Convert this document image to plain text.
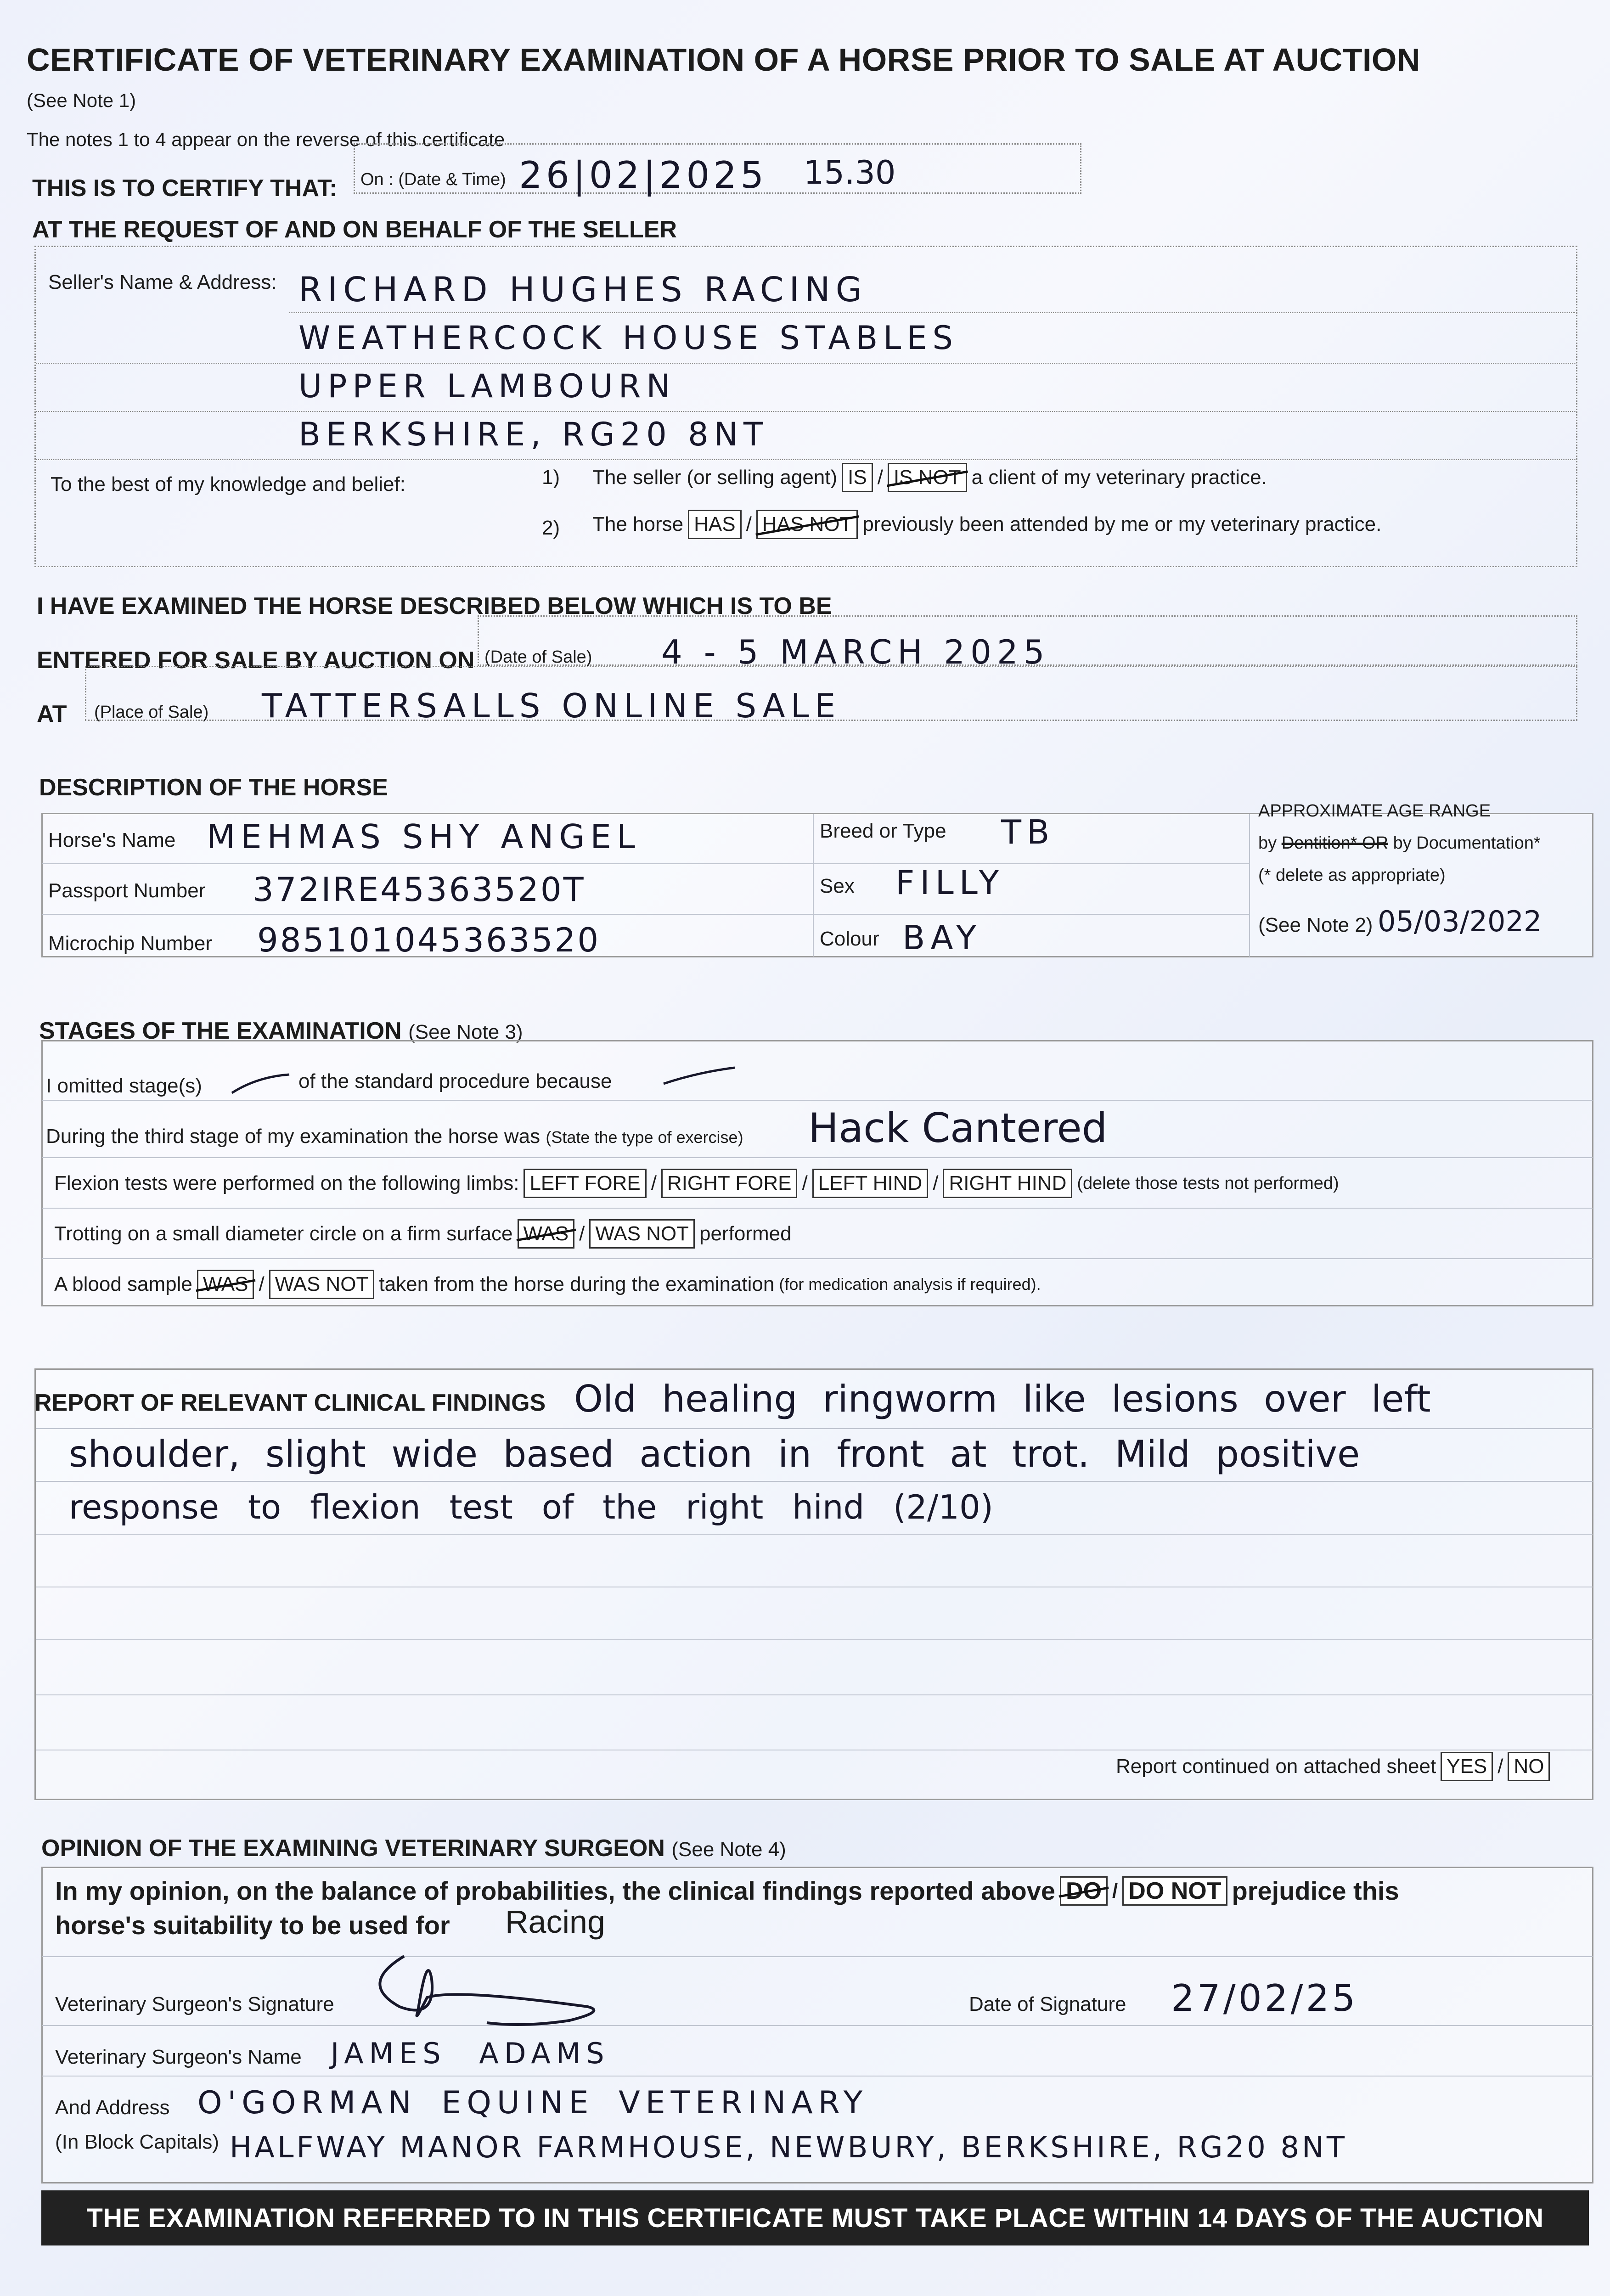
CERTIFICATE OF VETERINARY EXAMINATION OF A HORSE PRIOR TO SALE AT AUCTION
(See Note 1)
The notes 1 to 4 appear on the reverse of this certificate
THIS IS TO CERTIFY THAT: On : (Date & Time) 26|02|2025 15.30
AT THE REQUEST OF AND ON BEHALF OF THE SELLER
Seller's Name & Address: RICHARD HUGHES RACING
WEATHERCOCK HOUSE STABLES
UPPER LAMBOURN
BERKSHIRE, RG20 8NT
To the best of my knowledge and belief:	1) The seller (or selling agent) IS / IS NOT a client of my veterinary practice.
2) The horse HAS / HAS NOT previously been attended by me or my veterinary practice.
I HAVE EXAMINED THE HORSE DESCRIBED BELOW WHICH IS TO BE
ENTERED FOR SALE BY AUCTION ON (Date of Sale) 4 - 5 MARCH 2025
AT (Place of Sale) TATTERSALLS ONLINE SALE
DESCRIPTION OF THE HORSE
Horse's Name MEHMAS SHY ANGEL
Passport Number 372IRE45363520T
Microchip Number 985101045363520
Breed or Type TB
Sex FILLY
Colour BAY
APPROXIMATE AGE RANGE
by Dentition* OR by Documentation*
(* delete as appropriate)
(See Note 2) 05/03/2022
STAGES OF THE EXAMINATION (See Note 3)
I omitted stage(s)	of the standard procedure because
During the third stage of my examination the horse was (State the type of exercise) Hack Cantered
Flexion tests were performed on the following limbs: LEFT FORE / RIGHT FORE / LEFT HIND / RIGHT HIND (delete those tests not performed)
Trotting on a small diameter circle on a firm surface WAS / WAS NOT performed
A blood sample WAS / WAS NOT taken from the horse during the examination (for medication analysis if required).
REPORT OF RELEVANT CLINICAL FINDINGS Old healing ringworm like lesions over left
shoulder, slight wide based action in front at trot. Mild positive
response to flexion test of the right hind (2/10)
Report continued on attached sheet YES / NO
OPINION OF THE EXAMINING VETERINARY SURGEON (See Note 4)
In my opinion, on the balance of probabilities, the clinical findings reported above DO / DO NOT prejudice this
horse's suitability to be used for Racing
Veterinary Surgeon's Signature	Date of Signature 27/02/25
Veterinary Surgeon's Name JAMES ADAMS
And Address
(In Block Capitals)
O'GORMAN EQUINE VETERINARY
HALFWAY MANOR FARMHOUSE, NEWBURY, BERKSHIRE, RG20 8NT
THE EXAMINATION REFERRED TO IN THIS CERTIFICATE MUST TAKE PLACE WITHIN 14 DAYS OF THE AUCTION
